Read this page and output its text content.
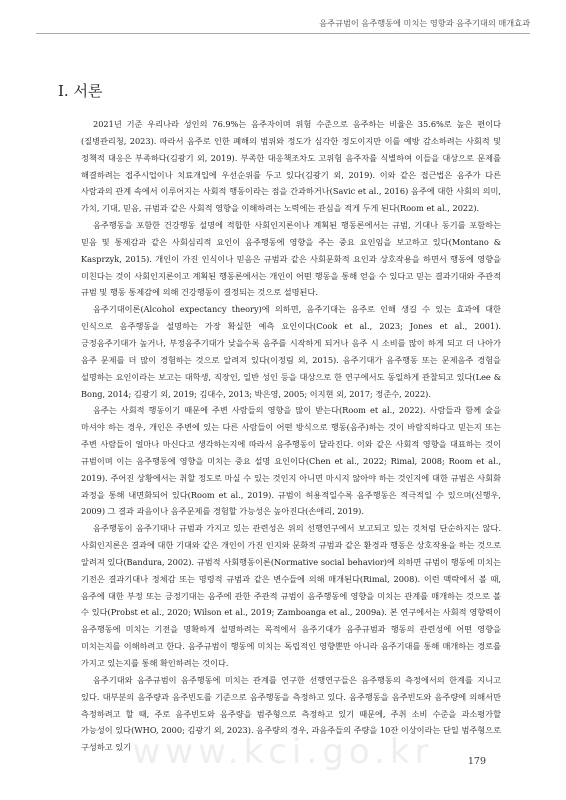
음주규범이 음주행동에 미치는 영향과 음주기대의 매개효과
Ⅰ. 서론

2021년 기준 우리나라 성인의 76.9%는 음주자이며 위험 수준으로 음주하는 비율은 35.6%로 높은 편이다(질병관리청, 2023). 따라서 음주로 인한 폐해의 범위와 정도가 심각한 정도이지만 이를 예방 감소하려는 사회적 및 정책적 대응은 부족하다(김광기 외, 2019). 부족한 대응책조차도 고위험 음주자를 식별하여 이들을 대상으로 문제를 해결하려는 접주시업이나 치료개입에 우선순위를 두고 있다(김광기 외, 2019). 이와 같은 접근법은 음주가 다른 사람과의 관계 속에서 이루어지는 사회적 행동이라는 점을 간과하거나(Savic et al., 2016) 음주에 대한 사회의 의미, 가치, 기대, 믿음, 규범과 같은 사회적 영향을 이해하려는 노력에는 관심을 적게 두게 된다(Room et al., 2022).

음주행동을 포함한 건강행동 설명에 적합한 사회인지론이나 계획된 행동론에서는 규범, 기대나 동기를 포함하는 믿음 및 통제감과 같은 사회심리적 요인이 음주행동에 영향을 주는 중요 요인임을 보고하고 있다(Montano & Kasprzyk, 2015). 개인이 가진 인식이나 믿음은 규범과 같은 사회문화적 요인과 상호작용을 하면서 행동에 영향을 미친다는 것이 사회인지론이고 계획된 행동론에서는 개인이 어떤 행동을 통해 얻을 수 있다고 믿는 결과기대와 주관적 규범 및 행동 통제감에 의해 건강행동이 결정되는 것으로 설명된다.

음주기대이론(Alcohol expectancy theory)에 의하면, 음주기대는 음주로 인해 생길 수 있는 효과에 대한 인식으로 음주행동을 설명하는 가장 확실한 예측 요인이다(Cook et al., 2023; Jones et al., 2001). 긍정음주기대가 높거나, 부정음주기대가 낮을수록 음주를 시작하게 되거나 음주 시 소비를 많이 하게 되고 더 나아가 음주 문제를 더 많이 경험하는 것으로 알려져 있다(이정림 외, 2015). 음주기대가 음주행동 또는 문제음주 경험을 설명하는 요인이라는 보고는 대학생, 직장인, 일반 성인 등을 대상으로 한 연구에서도 동일하게 관찰되고 있다(Lee & Bong, 2014; 김광기 외, 2019; 김대수, 2013; 박은영, 2005; 이지현 외, 2017; 정준수, 2022).

음주는 사회적 행동이기 때문에 주변 사람들의 영향을 많이 받는다(Room et al., 2022). 사람들과 함께 술을 마셔야 하는 경우, 개인은 주변에 있는 다른 사람들이 어떤 방식으로 행동(음주)하는 것이 바람직하다고 믿는지 또는 주변 사람들이 얼마나 마신다고 생각하는지에 따라서 음주행동이 달라진다. 이와 같은 사회적 영향을 대표하는 것이 규범이며 이는 음주행동에 영향을 미치는 중요 설명 요인이다(Chen et al., 2022; Rimal, 2008; Room et al., 2019). 주어진 상황에서는 취할 정도로 마실 수 있는 것인지 아니면 마시지 않아야 하는 것인지에 대한 규범은 사회화 과정을 통해 내면화되어 있다(Room et al., 2019). 규범이 허용적일수록 음주행동은 적극적일 수 있으며(신행우, 2009) 그 결과 과음이나 음주문제를 경험할 가능성은 높아진다(손애리, 2019).

음주행동이 음주기대나 규범과 가지고 있는 관련성은 위의 선행연구에서 보고되고 있는 것처럼 단순하지는 않다. 사회인지론은 결과에 대한 기대와 같은 개인이 가진 인지와 문화적 규범과 같은 환경과 행동은 상호작용을 하는 것으로 알려져 있다(Bandura, 2002). 규범적 사회행동이론(Normative social behavior)에 의하면 규범이 행동에 미치는 기전은 결과기대나 정체감 또는 명령적 규범과 같은 변수들에 의해 매개된다(Rimal, 2008). 이런 맥락에서 볼 때, 음주에 대한 부정 또는 긍정기대는 음주에 관한 주관적 규범이 음주행동에 영향을 미치는 관계를 매개하는 것으로 볼 수 있다(Probst et al., 2020; Wilson et al., 2019; Zamboanga et al., 2009a). 본 연구에서는 사회적 영향력이 음주행동에 미치는 기전을 명확하게 설명하려는 목적에서 음주기대가 음주규범과 행동의 관련성에 어떤 영향을 미치는지를 이해하려고 한다. 음주규범이 행동에 미치는 독립적인 영향뿐만 아니라 음주기대를 통해 매개하는 경로를 가지고 있는지를 통해 확인하려는 것이다.

음주기대와 음주규범이 음주행동에 미치는 관계를 연구한 선행연구들은 음주행동의 측정에서의 한계를 지니고 있다. 대부분의 음주량과 음주빈도를 기준으로 음주행동을 측정하고 있다. 음주행동을 음주빈도와 음주량에 의해서만 측정하려고 할 때, 주로 음주빈도와 음주량을 범주형으로 측정하고 있기 때문에, 주취 소비 수준을 과소평가할 가능성이 있다(WHO, 2000; 김광기 외, 2023). 음주량의 경우, 과음주들의 주량을 10잔 이상이라는 단일 범주형으로 구성하고 있기 www.kci.go.kr	179
